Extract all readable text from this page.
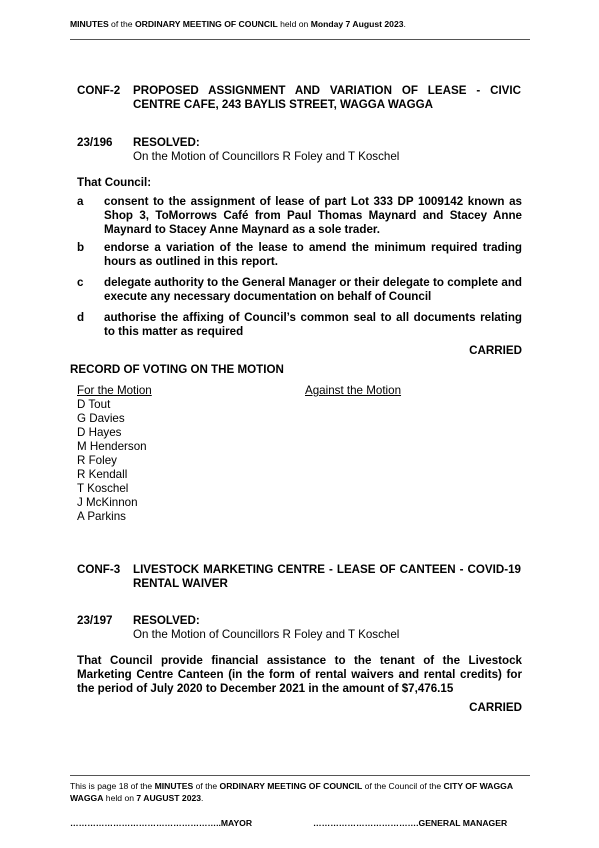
MINUTES of the ORDINARY MEETING OF COUNCIL held on Monday 7 August 2023.
CONF-2 PROPOSED ASSIGNMENT AND VARIATION OF LEASE - CIVIC CENTRE CAFE, 243 BAYLIS STREET, WAGGA WAGGA
23/196 RESOLVED:
On the Motion of Councillors R Foley and T Koschel
That Council:
a consent to the assignment of lease of part Lot 333 DP 1009142 known as Shop 3, ToMorrows Café from Paul Thomas Maynard and Stacey Anne Maynard to Stacey Anne Maynard as a sole trader.
b endorse a variation of the lease to amend the minimum required trading hours as outlined in this report.
c delegate authority to the General Manager or their delegate to complete and execute any necessary documentation on behalf of Council
d authorise the affixing of Council’s common seal to all documents relating to this matter as required
CARRIED
RECORD OF VOTING ON THE MOTION
For the Motion	Against the Motion
D Tout
G Davies
D Hayes
M Henderson
R Foley
R Kendall
T Koschel
J McKinnon
A Parkins
CONF-3 LIVESTOCK MARKETING CENTRE - LEASE OF CANTEEN - COVID-19 RENTAL WAIVER
23/197 RESOLVED:
On the Motion of Councillors R Foley and T Koschel
That Council provide financial assistance to the tenant of the Livestock Marketing Centre Canteen (in the form of rental waivers and rental credits) for the period of July 2020 to December 2021 in the amount of $7,476.15
CARRIED
This is page 18 of the MINUTES of the ORDINARY MEETING OF COUNCIL of the Council of the CITY OF WAGGA WAGGA held on 7 AUGUST 2023.
……………………………………………..MAYOR	……………………………….GENERAL MANAGER
